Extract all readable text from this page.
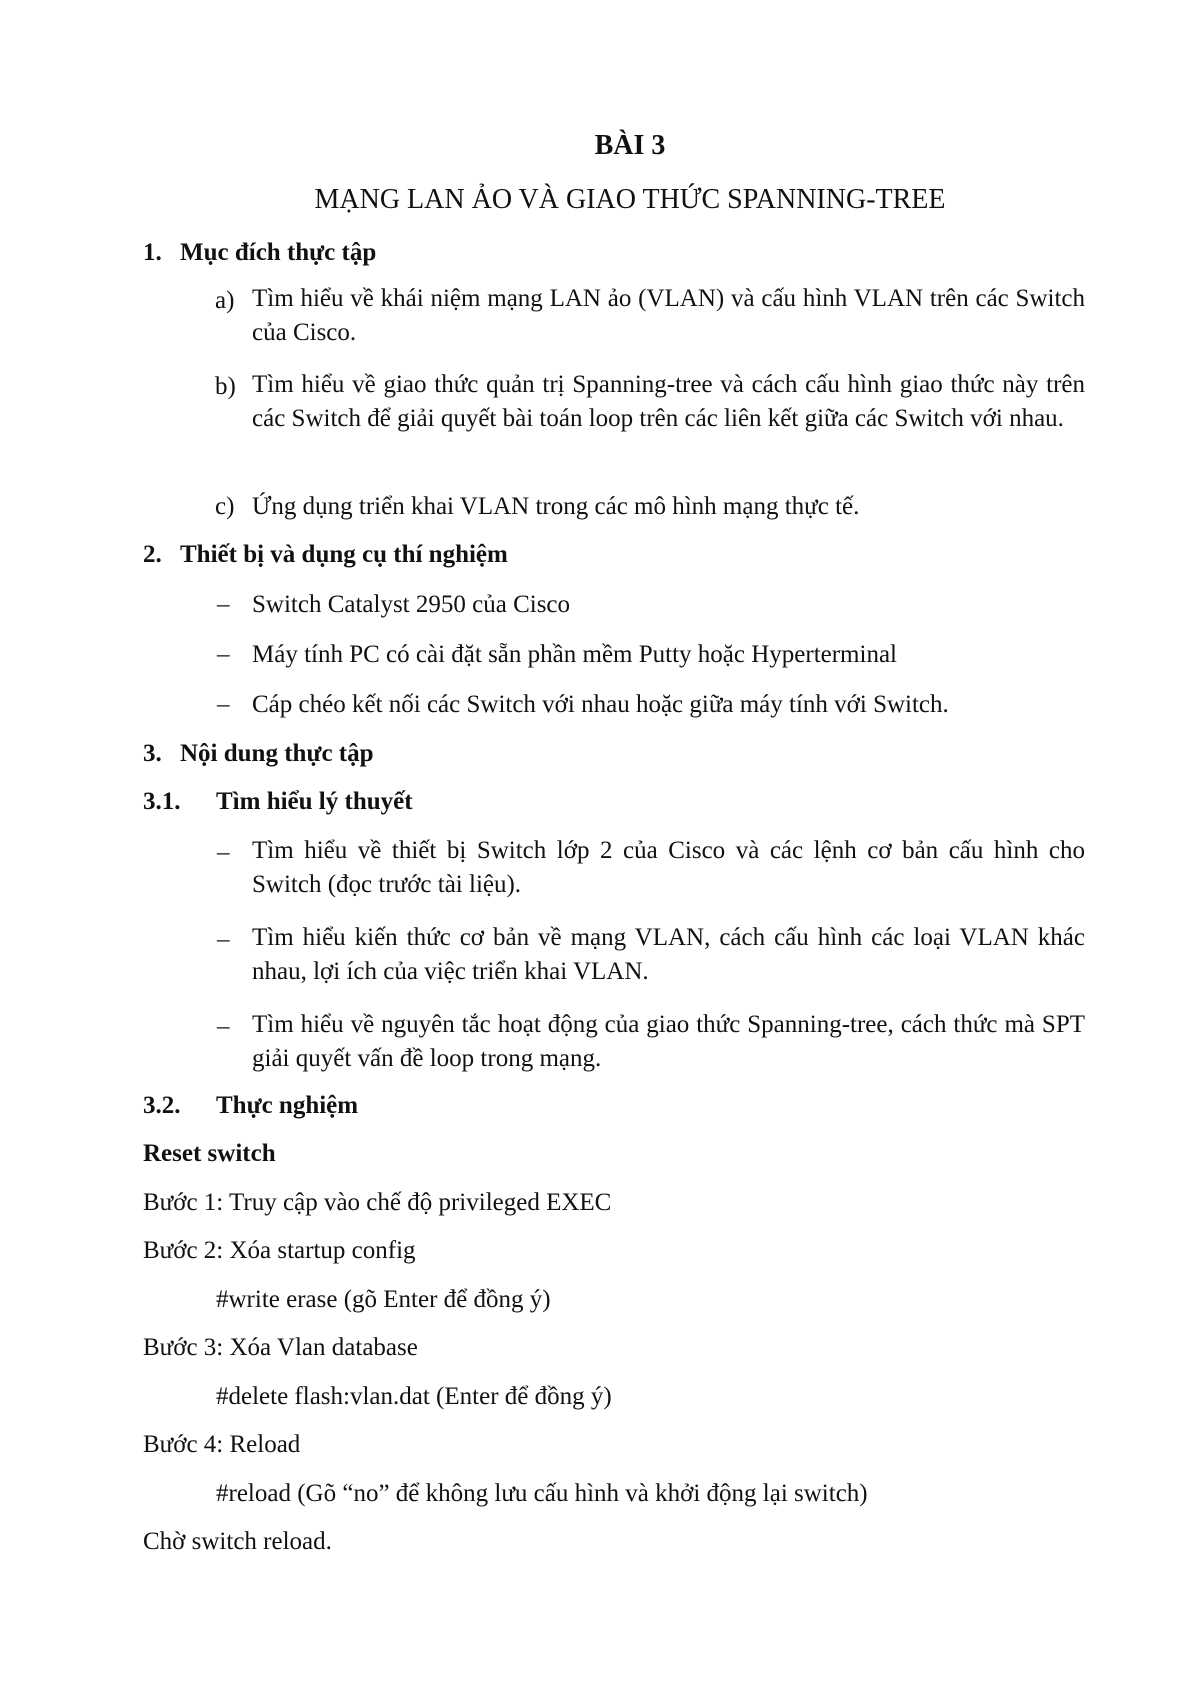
BÀI 3
MẠNG LAN ẢO VÀ GIAO THỨC SPANNING-TREE
1. Mục đích thực tập
a) Tìm hiểu về khái niệm mạng LAN ảo (VLAN) và cấu hình VLAN trên các Switch của Cisco.
b) Tìm hiểu về giao thức quản trị Spanning-tree và cách cấu hình giao thức này trên các Switch để giải quyết bài toán loop trên các liên kết giữa các Switch với nhau.
c) Ứng dụng triển khai VLAN trong các mô hình mạng thực tế.
2. Thiết bị và dụng cụ thí nghiệm
– Switch Catalyst 2950 của Cisco
– Máy tính PC có cài đặt sẵn phần mềm Putty hoặc Hyperterminal
– Cáp chéo kết nối các Switch với nhau hoặc giữa máy tính với Switch.
3. Nội dung thực tập
3.1. Tìm hiểu lý thuyết
– Tìm hiểu về thiết bị Switch lớp 2 của Cisco và các lệnh cơ bản cấu hình cho Switch (đọc trước tài liệu).
– Tìm hiểu kiến thức cơ bản về mạng VLAN, cách cấu hình các loại VLAN khác nhau, lợi ích của việc triển khai VLAN.
– Tìm hiểu về nguyên tắc hoạt động của giao thức Spanning-tree, cách thức mà SPT giải quyết vấn đề loop trong mạng.
3.2. Thực nghiệm
Reset switch
Bước 1: Truy cập vào chế độ privileged EXEC
Bước 2: Xóa startup config
#write erase (gõ Enter để đồng ý)
Bước 3: Xóa Vlan database
#delete flash:vlan.dat (Enter để đồng ý)
Bước 4: Reload
#reload (Gõ “no” để không lưu cấu hình và khởi động lại switch)
Chờ switch reload.
